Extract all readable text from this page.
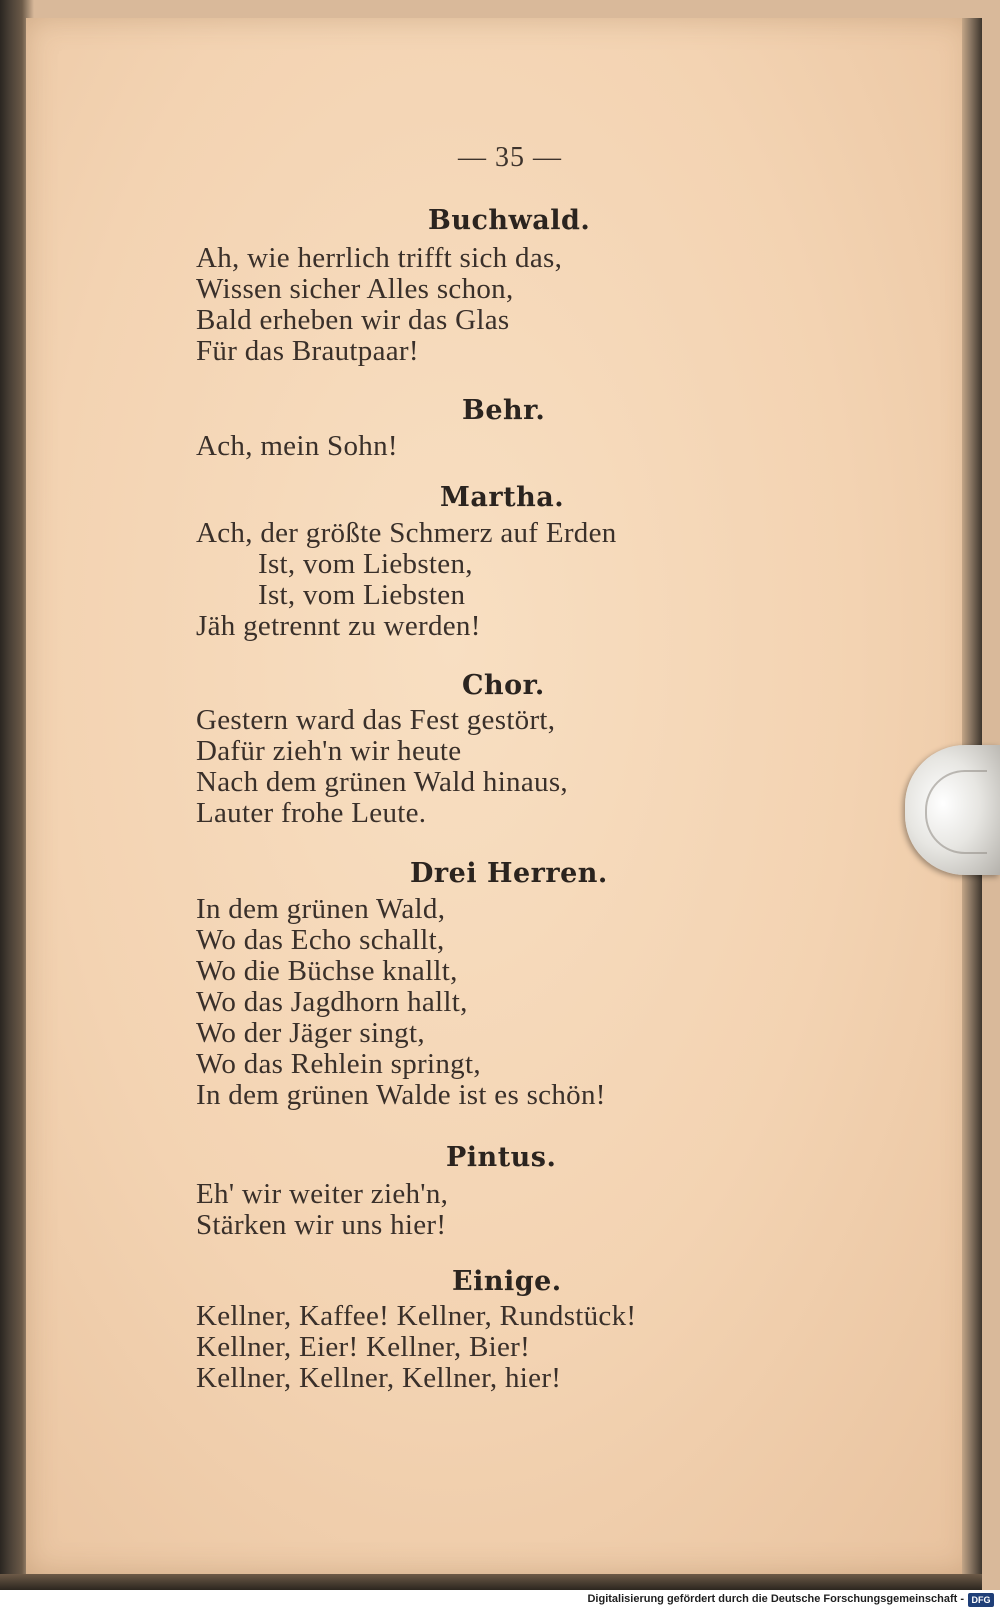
— 35 —
Buchwald.
Ah, wie herrlich trifft sich das,
Wissen sicher Alles schon,
Bald erheben wir das Glas
Für das Brautpaar!
Behr.
Ach, mein Sohn!
Martha.
Ach, der größte Schmerz auf Erden
Ist, vom Liebsten,
Ist, vom Liebsten
Jäh getrennt zu werden!
Chor.
Gestern ward das Fest gestört,
Dafür zieh'n wir heute
Nach dem grünen Wald hinaus,
Lauter frohe Leute.
Drei Herren.
In dem grünen Wald,
Wo das Echo schallt,
Wo die Büchse knallt,
Wo das Jagdhorn hallt,
Wo der Jäger singt,
Wo das Rehlein springt,
In dem grünen Walde ist es schön!
Pintus.
Eh' wir weiter zieh'n,
Stärken wir uns hier!
Einige.
Kellner, Kaffee! Kellner, Rundstück!
Kellner, Eier! Kellner, Bier!
Kellner, Kellner, Kellner, hier!
Digitalisierung gefördert durch die Deutsche Forschungsgemeinschaft - DFG
